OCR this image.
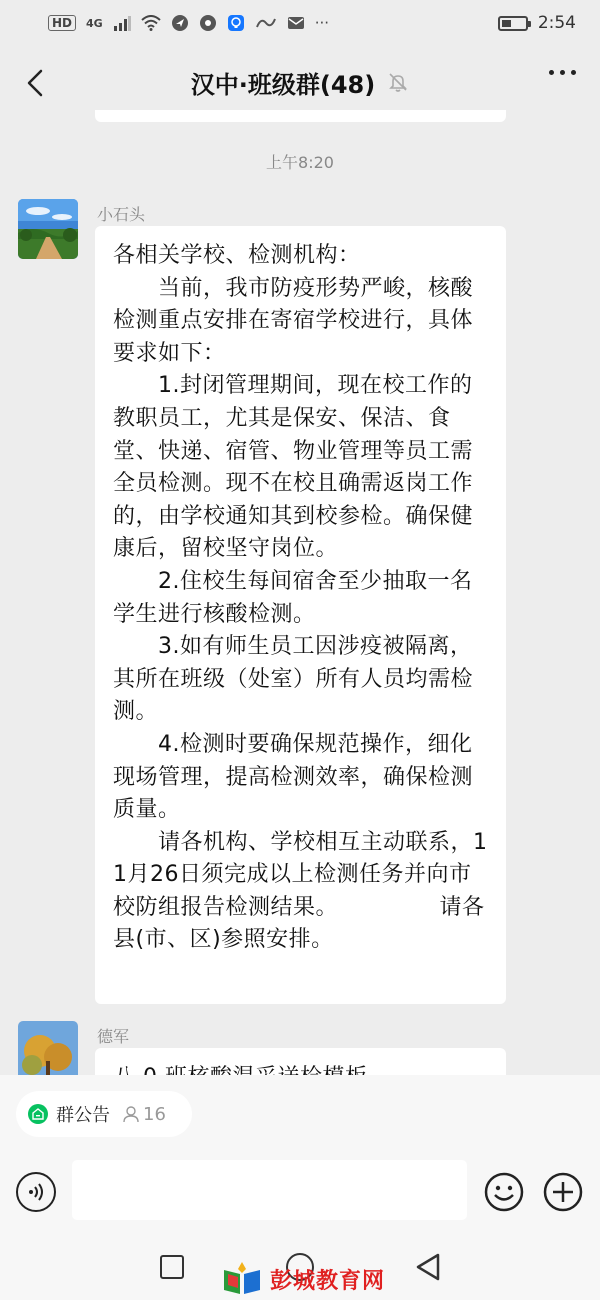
HD	4G	···	2:54
汉中·班级群(48)
上午8:20
小石头
各相关学校、检测机构：
　　当前，我市防疫形势严峻，核酸检测重点安排在寄宿学校进行，具体要求如下：
　　1.封闭管理期间，现在校工作的教职员工，尤其是保安、保洁、食堂、快递、宿管、物业管理等员工需全员检测。现不在校且确需返岗工作的，由学校通知其到校参检。确保健康后，留校坚守岗位。
　　2.住校生每间宿舍至少抽取一名学生进行核酸检测。
　　3.如有师生员工因涉疫被隔离，其所在班级（处室）所有人员均需检测。
　　4.检测时要确保规范操作，细化现场管理，提高检测效率，确保检测质量。
　　请各机构、学校相互主动联系，11月26日须完成以上检测任务并向市校防组报告检测结果。　　　　　请各县(市、区)参照安排。
德军
群公告 16
彭城教育网
